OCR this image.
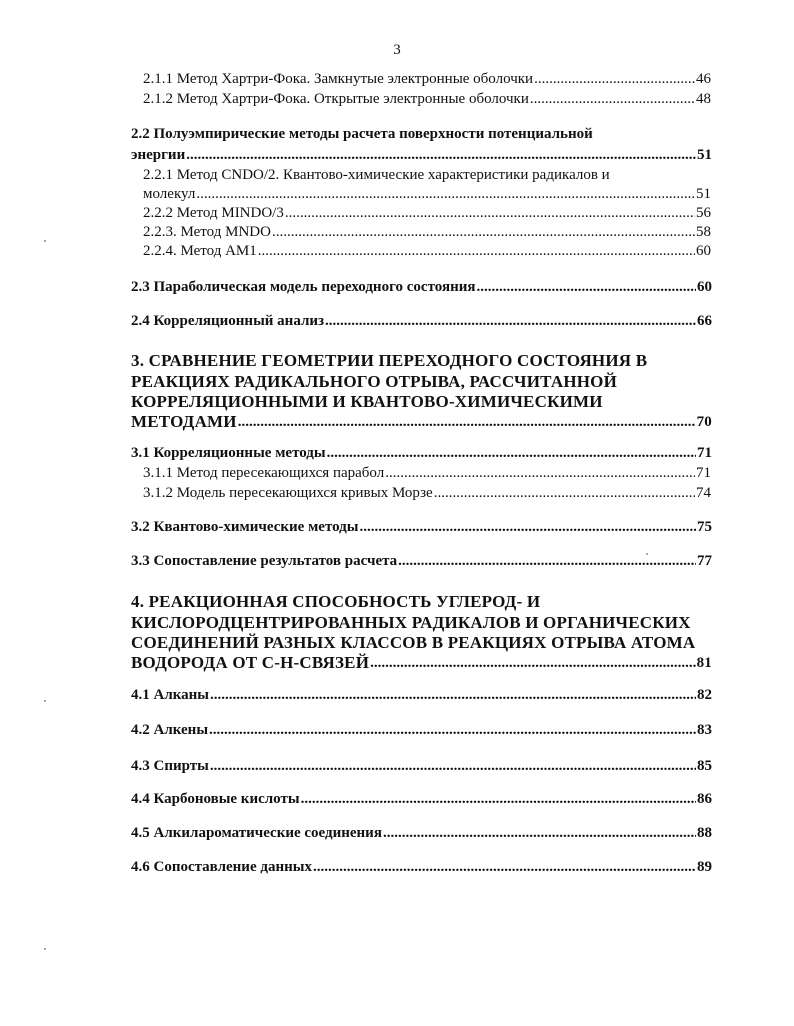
3
2.1.1 Метод Хартри-Фока. Замкнутые электронные оболочки .....	46
2.1.2 Метод Хартри-Фока. Открытые электронные оболочки .....	48
2.2 Полуэмпирические методы расчета поверхности потенциальной
энергии .....	51
2.2.1 Метод CNDO/2. Квантово-химические характеристики радикалов и
молекул .....	51
2.2.2 Метод MINDO/3 .....	56
2.2.3. Метод MNDO .....	58
2.2.4. Метод AM1 .....	60
2.3 Параболическая модель переходного состояния .....	60
2.4 Корреляционный анализ .....	66
3. СРАВНЕНИЕ ГЕОМЕТРИИ ПЕРЕХОДНОГО СОСТОЯНИЯ В
РЕАКЦИЯХ РАДИКАЛЬНОГО ОТРЫВА, РАССЧИТАННОЙ
КОРРЕЛЯЦИОННЫМИ И КВАНТОВО-ХИМИЧЕСКИМИ
МЕТОДАМИ .....	70
3.1 Корреляционные методы .....	71
3.1.1 Метод пересекающихся парабол .....	71
3.1.2 Модель пересекающихся кривых Морзе .....	74
3.2 Квантово-химические методы .....	75
3.3 Сопоставление результатов расчета .....	77
4. РЕАКЦИОННАЯ СПОСОБНОСТЬ УГЛЕРОД- И
КИСЛОРОДЦЕНТРИРОВАННЫХ РАДИКАЛОВ И ОРГАНИЧЕСКИХ
СОЕДИНЕНИЙ РАЗНЫХ КЛАССОВ В РЕАКЦИЯХ ОТРЫВА АТОМА
ВОДОРОДА ОТ С-Н-СВЯЗЕЙ .....	81
4.1 Алканы .....	82
4.2 Алкены .....	83
4.3 Спирты .....	85
4.4 Карбоновые кислоты .....	86
4.5 Алкилароматические соединения .....	88
4.6 Сопоставление данных .....	89
